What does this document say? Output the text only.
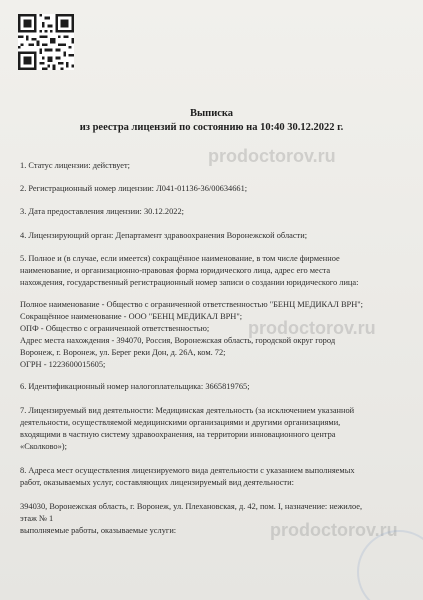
prodoctorov.ru
prodoctorov.ru
prodoctorov.ru
Выписка
из реестра лицензий по состоянию на 10:40 30.12.2022 г.
1. Статус лицензии: действует;
2. Регистрационный номер лицензии: Л041-01136-36/00634661;
3. Дата предоставления лицензии: 30.12.2022;
4. Лицензирующий орган: Департамент здравоохранения Воронежской области;
5. Полное и (в случае, если имеется) сокращённое наименование, в том числе фирменное
наименование, и организационно-правовая форма юридического лица, адрес его места
нахождения, государственный регистрационный номер записи о создании юридического лица:
Полное наименование - Общество с ограниченной ответственностью "БЕНЦ МЕДИКАЛ ВРН";
Сокращённое наименование - ООО "БЕНЦ МЕДИКАЛ ВРН";
ОПФ - Общество с ограниченной ответственностью;
Адрес места нахождения - 394070, Россия, Воронежская область, городской округ город
Воронеж, г. Воронеж, ул. Берег реки Дон, д. 26А, ком. 72;
ОГРН - 1223600015605;
6. Идентификационный номер налогоплательщика: 3665819765;
7. Лицензируемый вид деятельности: Медицинская деятельность (за исключением указанной
деятельности, осуществляемой медицинскими организациями и другими организациями,
входящими в частную систему здравоохранения, на территории инновационного центра
«Сколково»);
8. Адреса мест осуществления лицензируемого вида деятельности с указанием выполняемых
работ, оказываемых услуг, составляющих лицензируемый вид деятельности:
394030, Воронежская область, г. Воронеж, ул. Плехановская, д. 42, пом. I, назначение: нежилое,
этаж № 1
выполняемые работы, оказываемые услуги:
